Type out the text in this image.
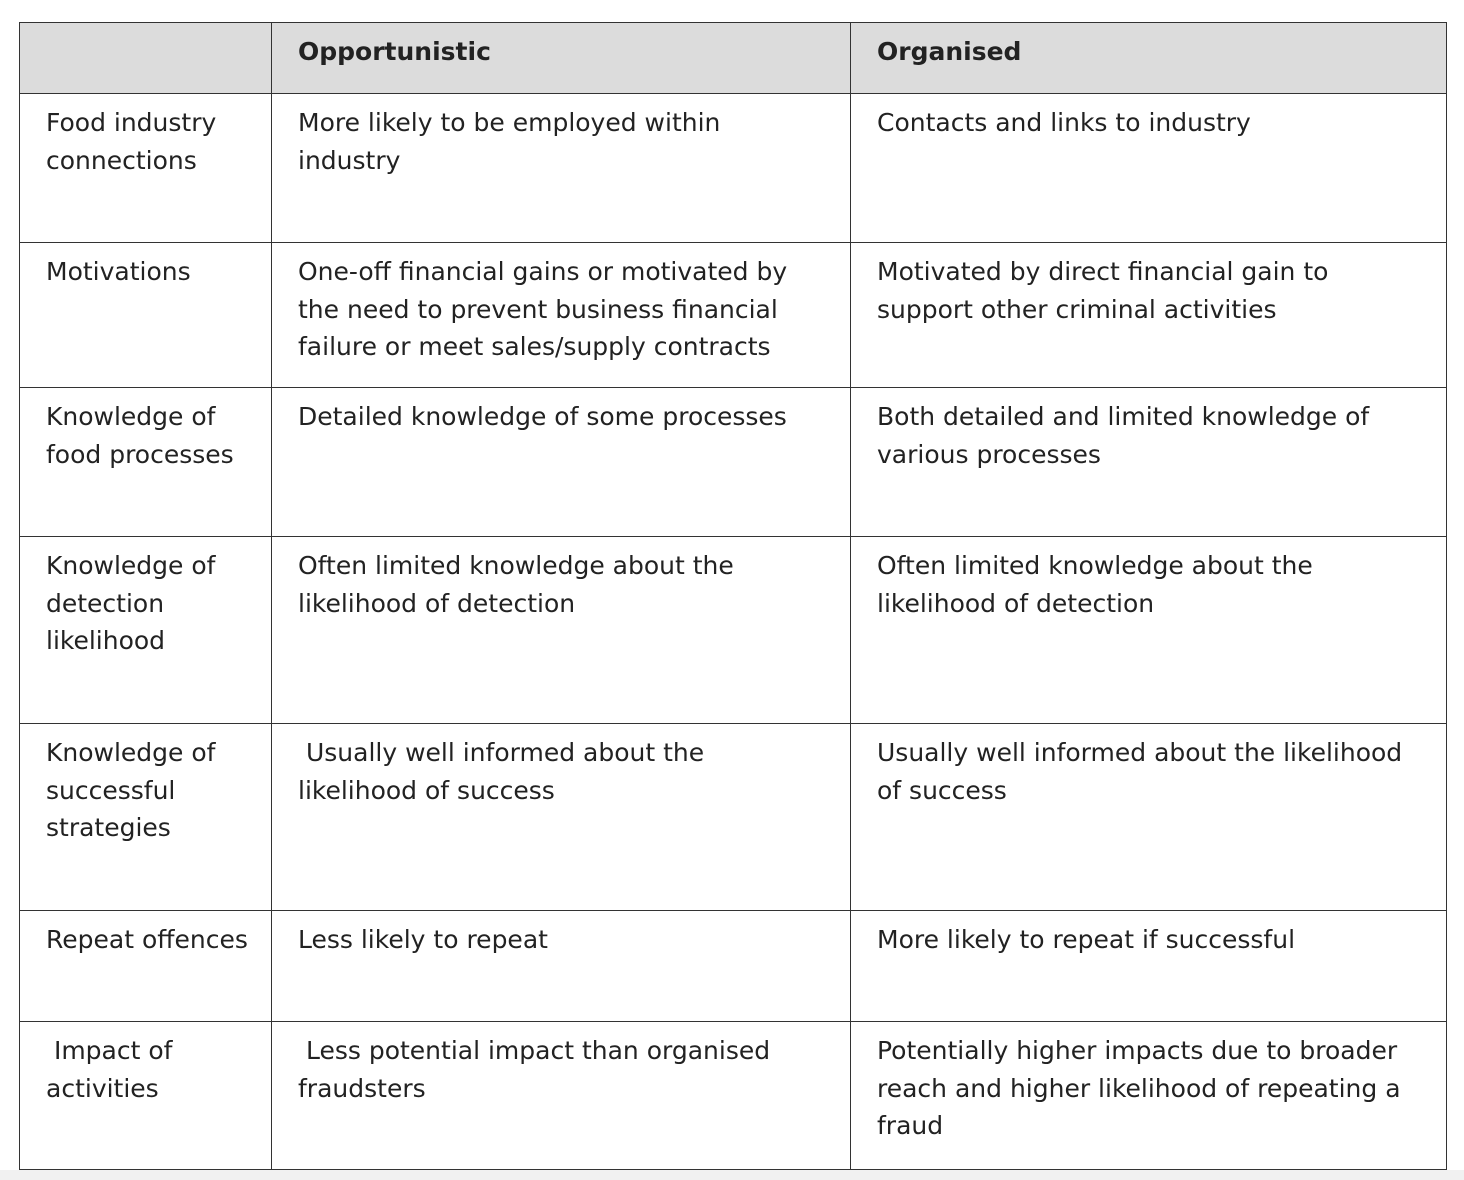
	Opportunistic	Organised
Food industry connections	More likely to be employed within industry	Contacts and links to industry
Motivations	One-off financial gains or motivated by the need to prevent business financial failure or meet sales/supply contracts	Motivated by direct financial gain to support other criminal activities
Knowledge of food processes	Detailed knowledge of some processes	Both detailed and limited knowledge of various processes
Knowledge of detection likelihood	Often limited knowledge about the likelihood of detection	Often limited knowledge about the likelihood of detection
Knowledge of successful strategies	Usually well informed about the likelihood of success	Usually well informed about the likelihood of success
Repeat offences	Less likely to repeat	More likely to repeat if successful
Impact of activities	Less potential impact than organised fraudsters	Potentially higher impacts due to broader reach and higher likelihood of repeating a fraud
